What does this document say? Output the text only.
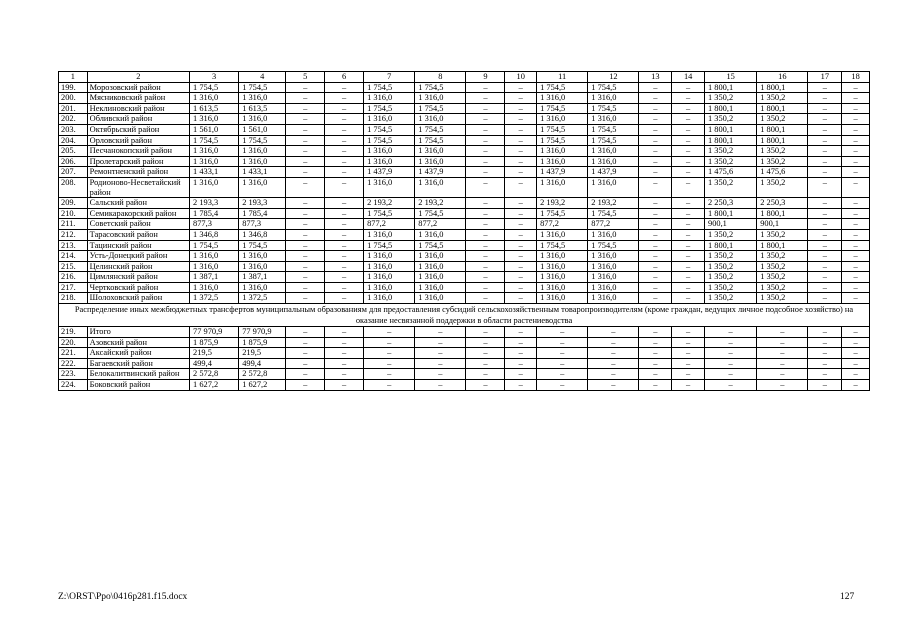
1	2	3	4	5	6	7	8	9	10	11	12	13	14	15	16	17	18
199.	Морозовский район	1 754,5	1 754,5	–	–	1 754,5	1 754,5	–	–	1 754,5	1 754,5	–	–	1 800,1	1 800,1	–	–
200.	Мясниковский район	1 316,0	1 316,0	–	–	1 316,0	1 316,0	–	–	1 316,0	1 316,0	–	–	1 350,2	1 350,2	–	–
201.	Неклиновский район	1 613,5	1 613,5	–	–	1 754,5	1 754,5	–	–	1 754,5	1 754,5	–	–	1 800,1	1 800,1	–	–
202.	Обливский район	1 316,0	1 316,0	–	–	1 316,0	1 316,0	–	–	1 316,0	1 316,0	–	–	1 350,2	1 350,2	–	–
203.	Октябрьский район	1 561,0	1 561,0	–	–	1 754,5	1 754,5	–	–	1 754,5	1 754,5	–	–	1 800,1	1 800,1	–	–
204.	Орловский район	1 754,5	1 754,5	–	–	1 754,5	1 754,5	–	–	1 754,5	1 754,5	–	–	1 800,1	1 800,1	–	–
205.	Песчанокопский район	1 316,0	1 316,0	–	–	1 316,0	1 316,0	–	–	1 316,0	1 316,0	–	–	1 350,2	1 350,2	–	–
206.	Пролетарский район	1 316,0	1 316,0	–	–	1 316,0	1 316,0	–	–	1 316,0	1 316,0	–	–	1 350,2	1 350,2	–	–
207.	Ремонтненский район	1 433,1	1 433,1	–	–	1 437,9	1 437,9	–	–	1 437,9	1 437,9	–	–	1 475,6	1 475,6	–	–
208.	Родионово-Несветайский район	1 316,0	1 316,0	–	–	1 316,0	1 316,0	–	–	1 316,0	1 316,0	–	–	1 350,2	1 350,2	–	–
209.	Сальский район	2 193,3	2 193,3	–	–	2 193,2	2 193,2	–	–	2 193,2	2 193,2	–	–	2 250,3	2 250,3	–	–
210.	Семикаракорский район	1 785,4	1 785,4	–	–	1 754,5	1 754,5	–	–	1 754,5	1 754,5	–	–	1 800,1	1 800,1	–	–
211.	Советский район	877,3	877,3	–	–	877,2	877,2	–	–	877,2	877,2	–	–	900,1	900,1	–	–
212.	Тарасовский район	1 346,8	1 346,8	–	–	1 316,0	1 316,0	–	–	1 316,0	1 316,0	–	–	1 350,2	1 350,2	–	–
213.	Тацинский район	1 754,5	1 754,5	–	–	1 754,5	1 754,5	–	–	1 754,5	1 754,5	–	–	1 800,1	1 800,1	–	–
214.	Усть-Донецкий район	1 316,0	1 316,0	–	–	1 316,0	1 316,0	–	–	1 316,0	1 316,0	–	–	1 350,2	1 350,2	–	–
215.	Целинский район	1 316,0	1 316,0	–	–	1 316,0	1 316,0	–	–	1 316,0	1 316,0	–	–	1 350,2	1 350,2	–	–
216.	Цимлянский район	1 387,1	1 387,1	–	–	1 316,0	1 316,0	–	–	1 316,0	1 316,0	–	–	1 350,2	1 350,2	–	–
217.	Чертковский район	1 316,0	1 316,0	–	–	1 316,0	1 316,0	–	–	1 316,0	1 316,0	–	–	1 350,2	1 350,2	–	–
218.	Шолоховский район	1 372,5	1 372,5	–	–	1 316,0	1 316,0	–	–	1 316,0	1 316,0	–	–	1 350,2	1 350,2	–	–
Распределение иных межбюджетных трансфертов муниципальным образованиям для предоставления субсидий сельскохозяйственным товаропроизводителям (кроме граждан, ведущих личное подсобное хозяйство) на оказание несвязанной поддержки в области растениеводства																	
219.	Итого	77 970,9	77 970,9	–	–	–	–	–	–	–	–	–	–	–	–	–	–
220.	Азовский район	1 875,9	1 875,9	–	–	–	–	–	–	–	–	–	–	–	–	–	–
221.	Аксайский район	219,5	219,5	–	–	–	–	–	–	–	–	–	–	–	–	–	–
222.	Багаевский район	499,4	499,4	–	–	–	–	–	–	–	–	–	–	–	–	–	–
223.	Белокалитвинский район	2 572,8	2 572,8	–	–	–	–	–	–	–	–	–	–	–	–	–	–
224.	Боковский район	1 627,2	1 627,2	–	–	–	–	–	–	–	–	–	–	–	–	–	–
Z:\ORST\Ppo\0416p281.f15.docx	127
